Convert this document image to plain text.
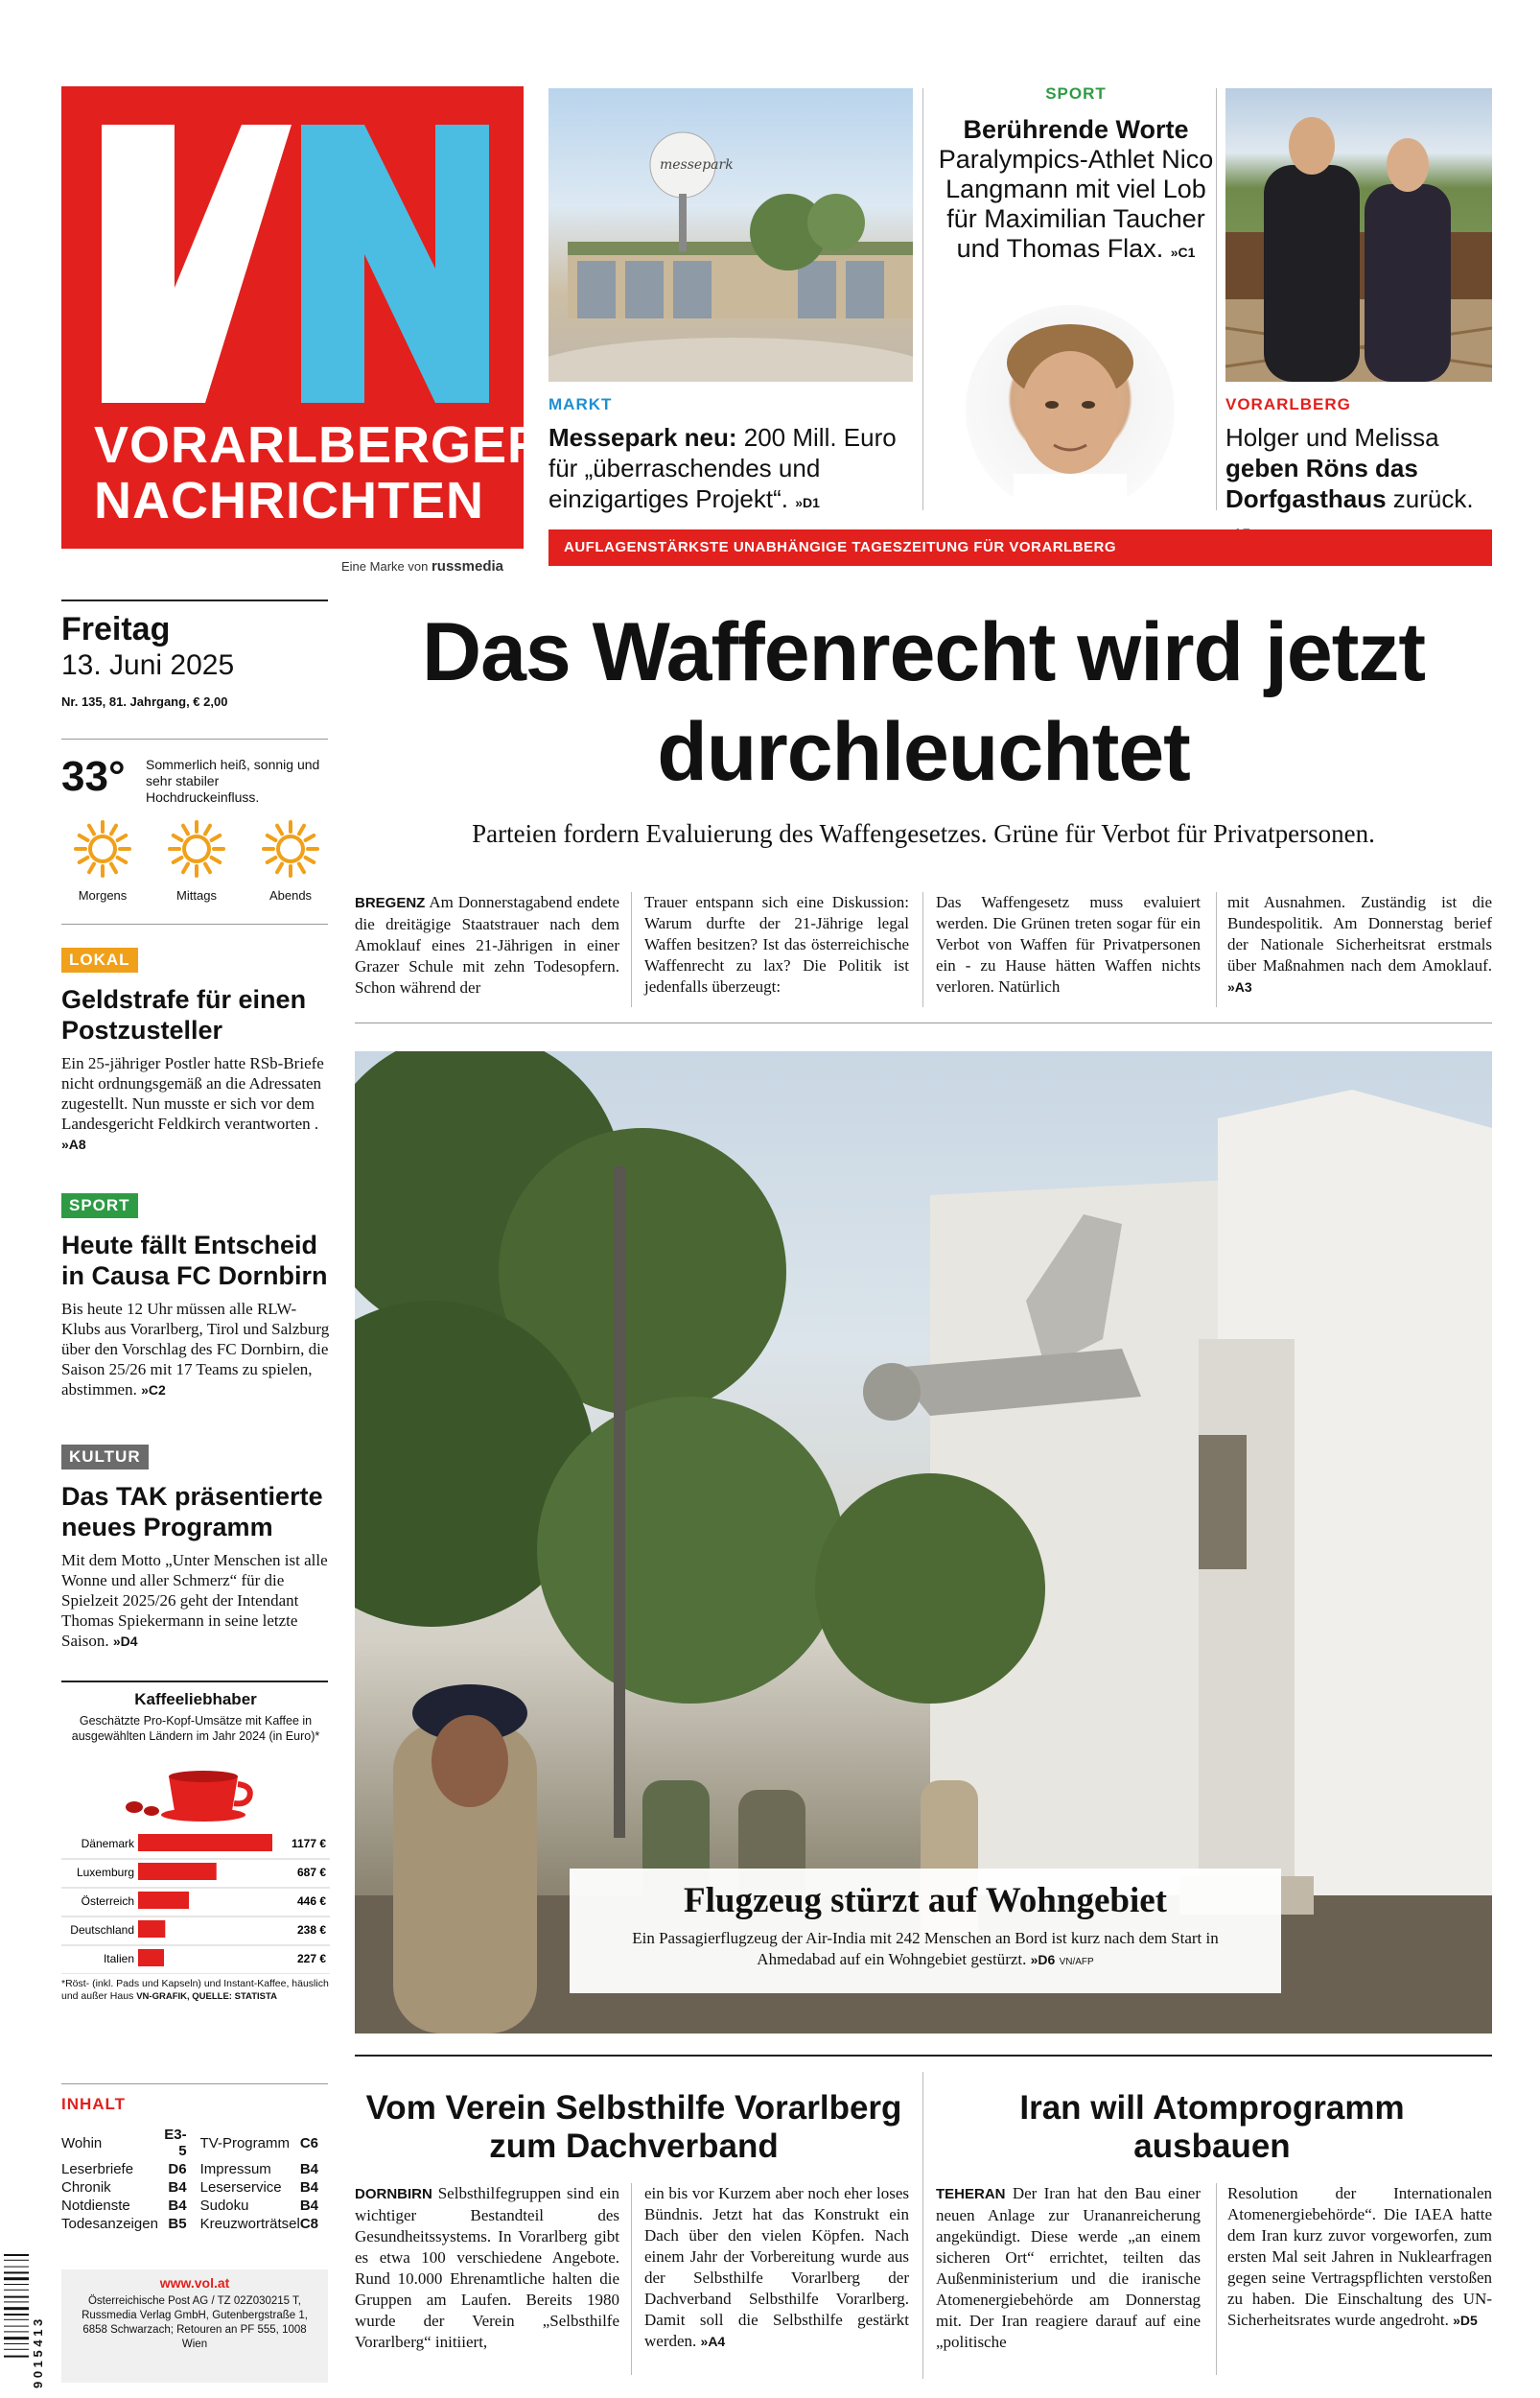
VORARLBERGER
NACHRICHTEN
Eine Marke von russmedia
messepark
MARKT
Messepark neu: 200 Mill. Euro für „überraschendes und einzigartiges Projekt“. »D1
SPORT
Berührende Worte
Paralympics-Athlet Nico Langmann mit viel Lob für Maximilian Taucher und Thomas Flax. »C1
VORARLBERG
Holger und Melissa geben Röns das Dorfgasthaus zurück.
AUFLAGENSTÄRKSTE UNABHÄNGIGE TAGESZEITUNG FÜR VORARLBERG
Freitag
13. Juni 2025
Nr. 135, 81. Jahrgang, € 2,00
33° Sommerlich heiß, sonnig und sehr stabiler Hochdruckeinfluss.
Morgens	Mittags	Abends
LOKAL
Geldstrafe für einen Postzusteller
Ein 25-jähriger Postler hatte RSb-Briefe nicht ordnungsgemäß an die Adressaten zugestellt. Nun musste er sich vor dem Landesgericht Feldkirch verantworten . »A8
SPORT
Heute fällt Entscheid in Causa FC Dornbirn
Bis heute 12 Uhr müssen alle RLW-Klubs aus Vorarlberg, Tirol und Salzburg über den Vorschlag des FC Dornbirn, die Saison 25/26 mit 17 Teams zu spielen, abstimmen. »C2
KULTUR
Das TAK präsentierte neues Programm
Mit dem Motto „Unter Menschen ist alle Wonne und aller Schmerz“ für die Spielzeit 2025/26 geht der Intendant Thomas Spiekermann in seine letzte Saison. »D4
Kaffeeliebhaber
Geschätzte Pro-Kopf-Umsätze mit Kaffee in ausgewählten Ländern im Jahr 2024 (in Euro)*
Dänemark	1177 €
Luxemburg	687 €
Österreich	446 €
Deutschland	238 €
Italien	227 €
*Röst- (inkl. Pads und Kapseln) und Instant-Kaffee, häuslich und außer Haus VN-GRAFIK, QUELLE: STATISTA
INHALT
Wohin	E3-5	TV-Programm	C6
Leserbriefe	D6	Impressum	B4
Chronik	B4	Leserservice	B4
Notdienste	B4	Sudoku	B4
Todesanzeigen	B5	Kreuzworträtsel	C8
9 0 1 5 4 1 3
www.vol.at
Österreichische Post AG / TZ 02Z030215 T, Russmedia Verlag GmbH, Gutenbergstraße 1, 6858 Schwarzach; Retouren an PF 555, 1008 Wien
Das Waffenrecht wird jetzt durchleuchtet
Parteien fordern Evaluierung des Waffengesetzes. Grüne für Verbot für Privatpersonen.
BREGENZ Am Donnerstagabend endete die dreitägige Staatstrauer nach dem Amoklauf eines 21-Jährigen in einer Grazer Schule mit zehn Todesopfern. Schon während der
Trauer entspann sich eine Diskussion: Warum durfte der 21-Jährige legal Waffen besitzen? Ist das österreichische Waffenrecht zu lax? Die Politik ist jedenfalls überzeugt:
Das Waffengesetz muss evaluiert werden. Die Grünen treten sogar für ein Verbot von Waffen für Privatpersonen ein - zu Hause hätten Waffen nichts verloren. Natürlich
mit Ausnahmen. Zuständig ist die Bundespolitik. Am Donnerstag berief der Nationale Sicherheitsrat erstmals über Maßnahmen nach dem Amoklauf. »A3
Flugzeug stürzt auf Wohngebiet
Ein Passagierflugzeug der Air-India mit 242 Menschen an Bord ist kurz nach dem Start in Ahmedabad auf ein Wohngebiet gestürzt. »D6 VN/AFP
Vom Verein Selbsthilfe Vorarlberg zum Dachverband
DORNBIRN Selbsthilfegruppen sind ein wichtiger Bestandteil des Gesundheitssystems. In Vorarlberg gibt es etwa 100 verschiedene Angebote. Rund 10.000 Ehrenamtliche halten die Gruppen am Laufen. Bereits 1980 wurde der Verein „Selbsthilfe Vorarlberg“ initiiert,
ein bis vor Kurzem aber noch eher loses Bündnis. Jetzt hat das Konstrukt ein Dach über den vielen Köpfen. Nach einem Jahr der Vorbereitung wurde aus der Selbsthilfe Vorarlberg der Dachverband Selbsthilfe Vorarlberg. Damit soll die Selbsthilfe gestärkt werden. »A4
Iran will Atomprogramm ausbauen
TEHERAN Der Iran hat den Bau einer neuen Anlage zur Urananreicherung angekündigt. Diese werde „an einem sicheren Ort“ errichtet, teilten das Außenministerium und die iranische Atomenergiebehörde am Donnerstag mit. Der Iran reagiere darauf auf eine „politische
Resolution der Internationalen Atomenergiebehörde“. Die IAEA hatte dem Iran kurz zuvor vorgeworfen, zum ersten Mal seit Jahren in Nuklearfragen gegen seine Vertragspflichten verstoßen zu haben. Die Einschaltung des UN-Sicherheitsrates wurde angedroht. »D5
